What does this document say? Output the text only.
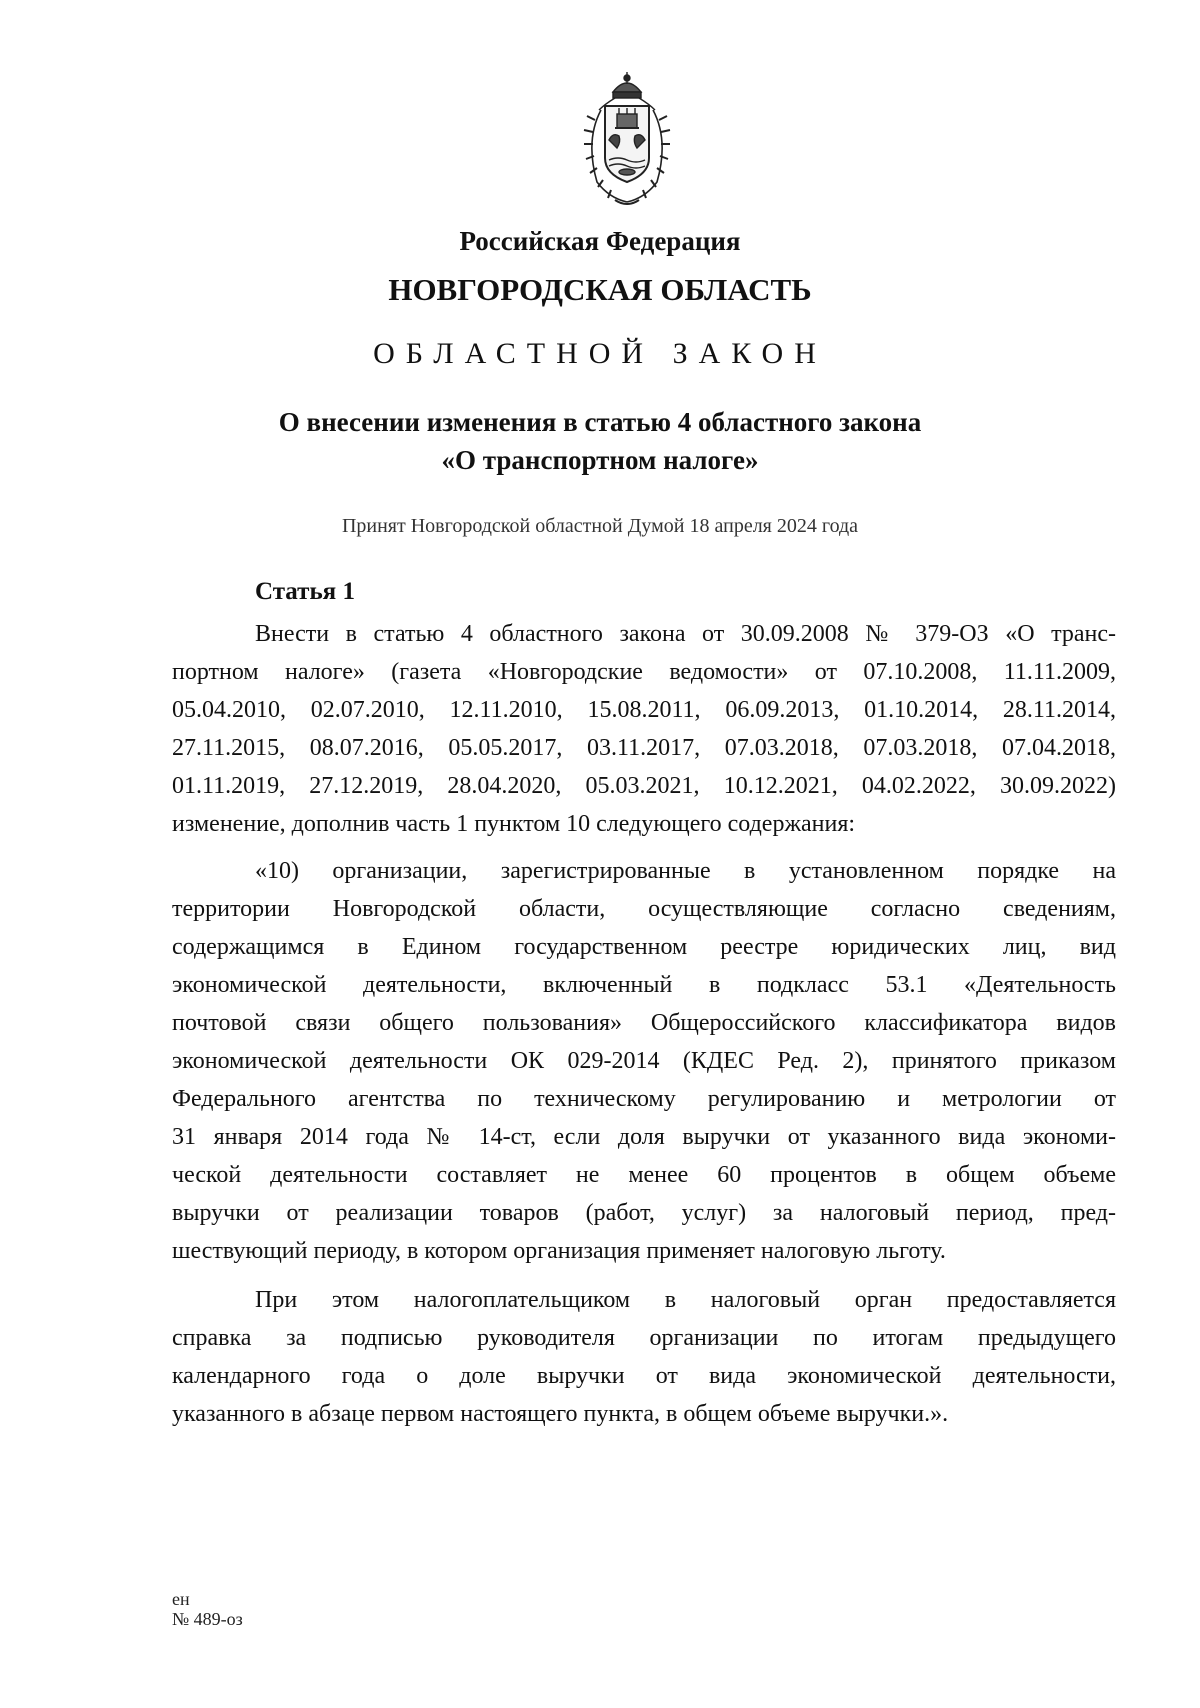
Российская Федерация
НОВГОРОДСКАЯ ОБЛАСТЬ
ОБЛАСТНОЙ ЗАКОН
О внесении изменения в статью 4 областного закона
«О транспортном налоге»
Принят Новгородской областной Думой 18 апреля 2024 года
Статья 1
Внести в статью 4 областного закона от 30.09.2008 № 379-ОЗ «О транс-
портном налоге» (газета «Новгородские ведомости» от 07.10.2008, 11.11.2009,
05.04.2010, 02.07.2010, 12.11.2010, 15.08.2011, 06.09.2013, 01.10.2014, 28.11.2014,
27.11.2015, 08.07.2016, 05.05.2017, 03.11.2017, 07.03.2018, 07.03.2018, 07.04.2018,
01.11.2019, 27.12.2019, 28.04.2020, 05.03.2021, 10.12.2021, 04.02.2022, 30.09.2022)
изменение, дополнив часть 1 пунктом 10 следующего содержания:
«10) организации, зарегистрированные в установленном порядке на
территории Новгородской области, осуществляющие согласно сведениям,
содержащимся в Едином государственном реестре юридических лиц, вид
экономической деятельности, включенный в подкласс 53.1 «Деятельность
почтовой связи общего пользования» Общероссийского классификатора видов
экономической деятельности ОК 029-2014 (КДЕС Ред. 2), принятого приказом
Федерального агентства по техническому регулированию и метрологии от
31 января 2014 года № 14-ст, если доля выручки от указанного вида экономи-
ческой деятельности составляет не менее 60 процентов в общем объеме
выручки от реализации товаров (работ, услуг) за налоговый период, пред-
шествующий периоду, в котором организация применяет налоговую льготу.
При этом налогоплательщиком в налоговый орган предоставляется
справка за подписью руководителя организации по итогам предыдущего
календарного года о доле выручки от вида экономической деятельности,
указанного в абзаце первом настоящего пункта, в общем объеме выручки.».
ен
№ 489-оз
